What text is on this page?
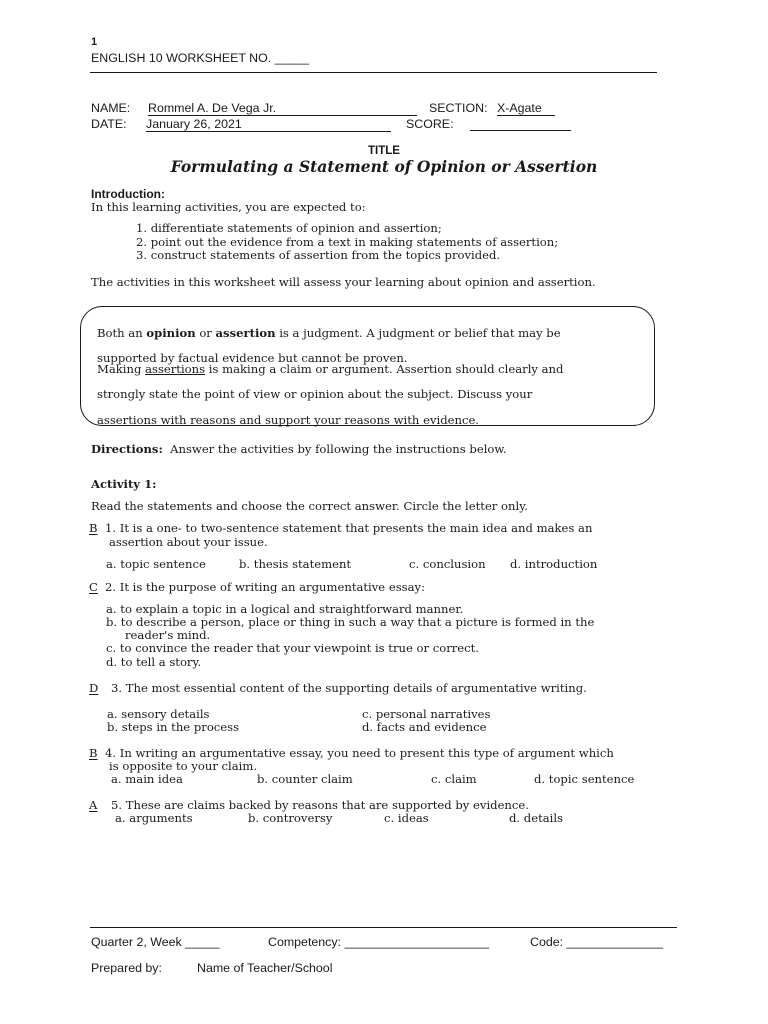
1
ENGLISH 10 WORKSHEET NO. _____
NAME: Rommel A. De Vega Jr.	SECTION: X-Agate
DATE: January 26, 2021	SCORE:
TITLE
Formulating a Statement of Opinion or Assertion
Introduction:
In this learning activities, you are expected to:
1. differentiate statements of opinion and assertion;
2. point out the evidence from a text in making statements of assertion;
3. construct statements of assertion from the topics provided.
The activities in this worksheet will assess your learning about opinion and assertion.

Both an opinion or assertion is a judgment. A judgment or belief that may be

supported by factual evidence but cannot be proven.

Making assertions is making a claim or argument. Assertion should clearly and

strongly state the point of view or opinion about the subject. Discuss your

assertions with reasons and support your reasons with evidence.

Directions: Answer the activities by following the instructions below.
Activity 1:
Read the statements and choose the correct answer. Circle the letter only.
B 1. It is a one- to two-sentence statement that presents the main idea and makes an
assertion about your issue.
a. topic sentence	b. thesis statement	c. conclusion d. introduction
C 2. It is the purpose of writing an argumentative essay:
a. to explain a topic in a logical and straightforward manner.
b. to describe a person, place or thing in such a way that a picture is formed in the
reader's mind.
c. to convince the reader that your viewpoint is true or correct.
d. to tell a story.
D 3. The most essential content of the supporting details of argumentative writing.
a. sensory details	c. personal narratives
b. steps in the process	d. facts and evidence
B 4. In writing an argumentative essay, you need to present this type of argument which
is opposite to your claim.
a. main idea	b. counter claim	c. claim	d. topic sentence
A 5. These are claims backed by reasons that are supported by evidence.
a. arguments	b. controversy	c. ideas	d. details
Quarter 2, Week _____	Competency: _____________________	Code: ______________
Prepared by:	Name of Teacher/School
